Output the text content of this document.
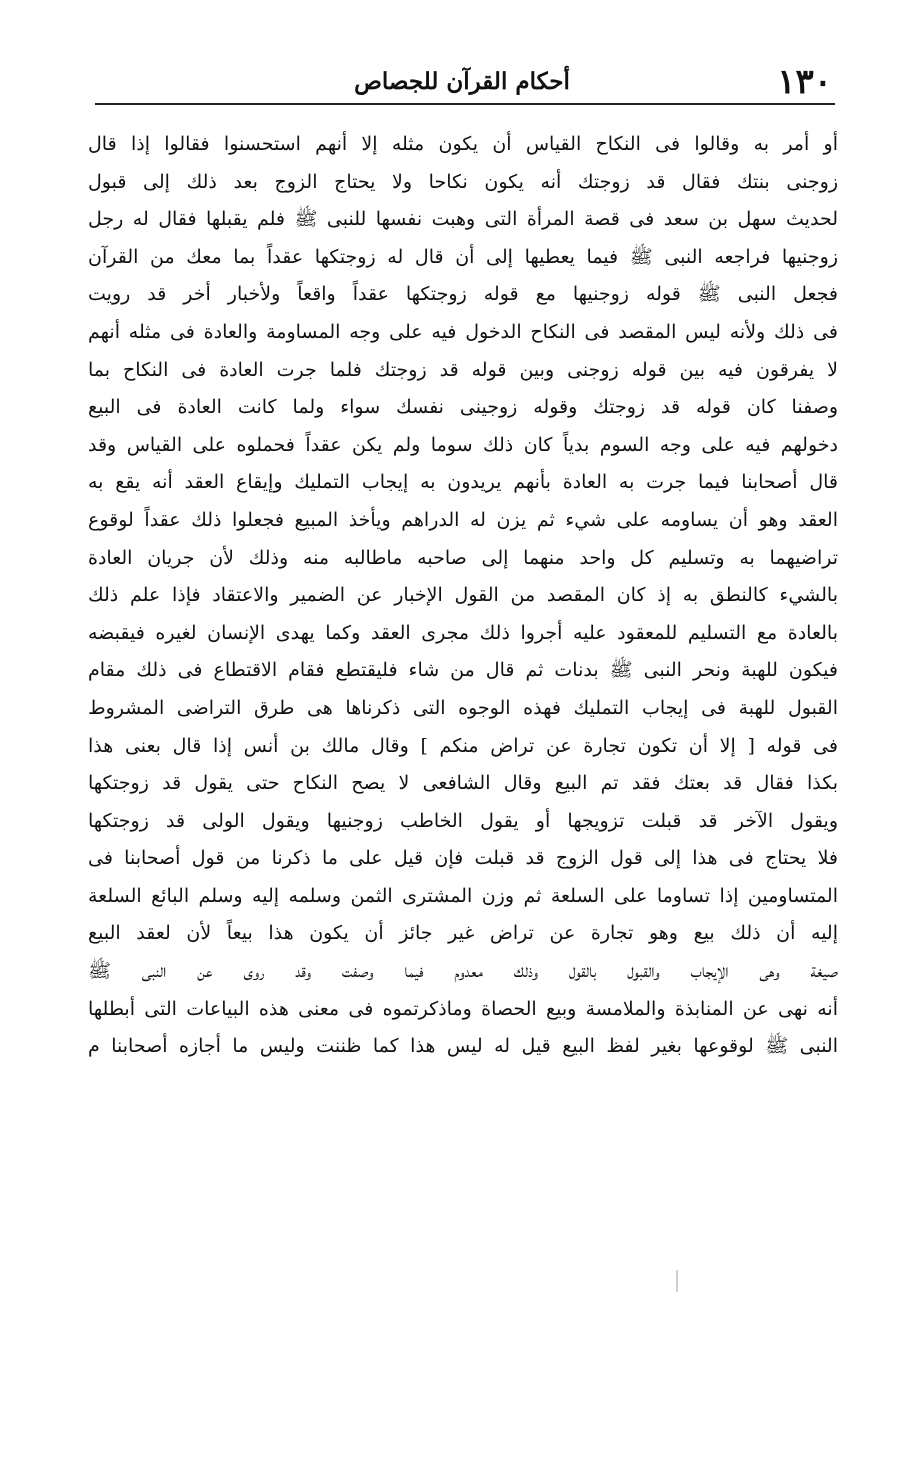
١٣٠
أحكام القرآن للجصاص
أو أمر به وقالوا فى النكاح القياس أن يكون مثله إلا أنهم استحسنوا فقالوا إذا قال
زوجنى بنتك فقال قد زوجتك أنه يكون نكاحا ولا يحتاج الزوج بعد ذلك إلى قبول
لحديث سهل بن سعد فى قصة المرأة التى وهبت نفسها للنبى ﷺ فلم يقبلها فقال له رجل
زوجنيها فراجعه النبى ﷺ فيما يعطيها إلى أن قال له زوجتكها عقداً بما معك من القرآن
فجعل النبى ﷺ قوله زوجنيها مع قوله زوجتكها عقداً واقعاً ولأخبار أخر قد رويت
فى ذلك ولأنه ليس المقصد فى النكاح الدخول فيه على وجه المساومة والعادة فى مثله أنهم
لا يفرقون فيه بين قوله زوجنى وبين قوله قد زوجتك فلما جرت العادة فى النكاح بما
وصفنا كان قوله قد زوجتك وقوله زوجينى نفسك سواء ولما كانت العادة فى البيع
دخولهم فيه على وجه السوم بدياً كان ذلك سوما ولم يكن عقداً فحملوه على القياس وقد
قال أصحابنا فيما جرت به العادة بأنهم يريدون به إيجاب التمليك وإيقاع العقد أنه يقع به
العقد وهو أن يساومه على شيء ثم يزن له الدراهم ويأخذ المبيع فجعلوا ذلك عقداً لوقوع
تراضيهما به وتسليم كل واحد منهما إلى صاحبه ماطالبه منه وذلك لأن جريان العادة
بالشيء كالنطق به إذ كان المقصد من القول الإخبار عن الضمير والاعتقاد فإذا علم ذلك
بالعادة مع التسليم للمعقود عليه أجروا ذلك مجرى العقد وكما يهدى الإنسان لغيره فيقبضه
فيكون للهبة ونحر النبى ﷺ بدنات ثم قال من شاء فليقتطع فقام الاقتطاع فى ذلك مقام
القبول للهبة فى إيجاب التمليك فهذه الوجوه التى ذكرناها هى طرق التراضى المشروط
فى قوله [ إلا أن تكون تجارة عن تراض منكم ] وقال مالك بن أنس إذا قال بعنى هذا
بكذا فقال قد بعتك فقد تم البيع وقال الشافعى لا يصح النكاح حتى يقول قد زوجتكها
ويقول الآخر قد قبلت تزويجها أو يقول الخاطب زوجنيها ويقول الولى قد زوجتكها
فلا يحتاج فى هذا إلى قول الزوج قد قبلت فإن قيل على ما ذكرنا من قول أصحابنا فى
المتساومين إذا تساوما على السلعة ثم وزن المشترى الثمن وسلمه إليه وسلم البائع السلعة
إليه أن ذلك بيع وهو تجارة عن تراض غير جائز أن يكون هذا بيعاً لأن لعقد البيع
صيغة وهى الإيجاب والقبول بالقول وذلك معدوم فيما وصفت وقد روى عن النبى ﷺ
أنه نهى عن المنابذة والملامسة وبيع الحصاة وماذكرتموه فى معنى هذه البياعات التى أبطلها
النبى ﷺ لوقوعها بغير لفظ البيع قيل له ليس هذا كما ظننت وليس ما أجازه أصحابنا م
